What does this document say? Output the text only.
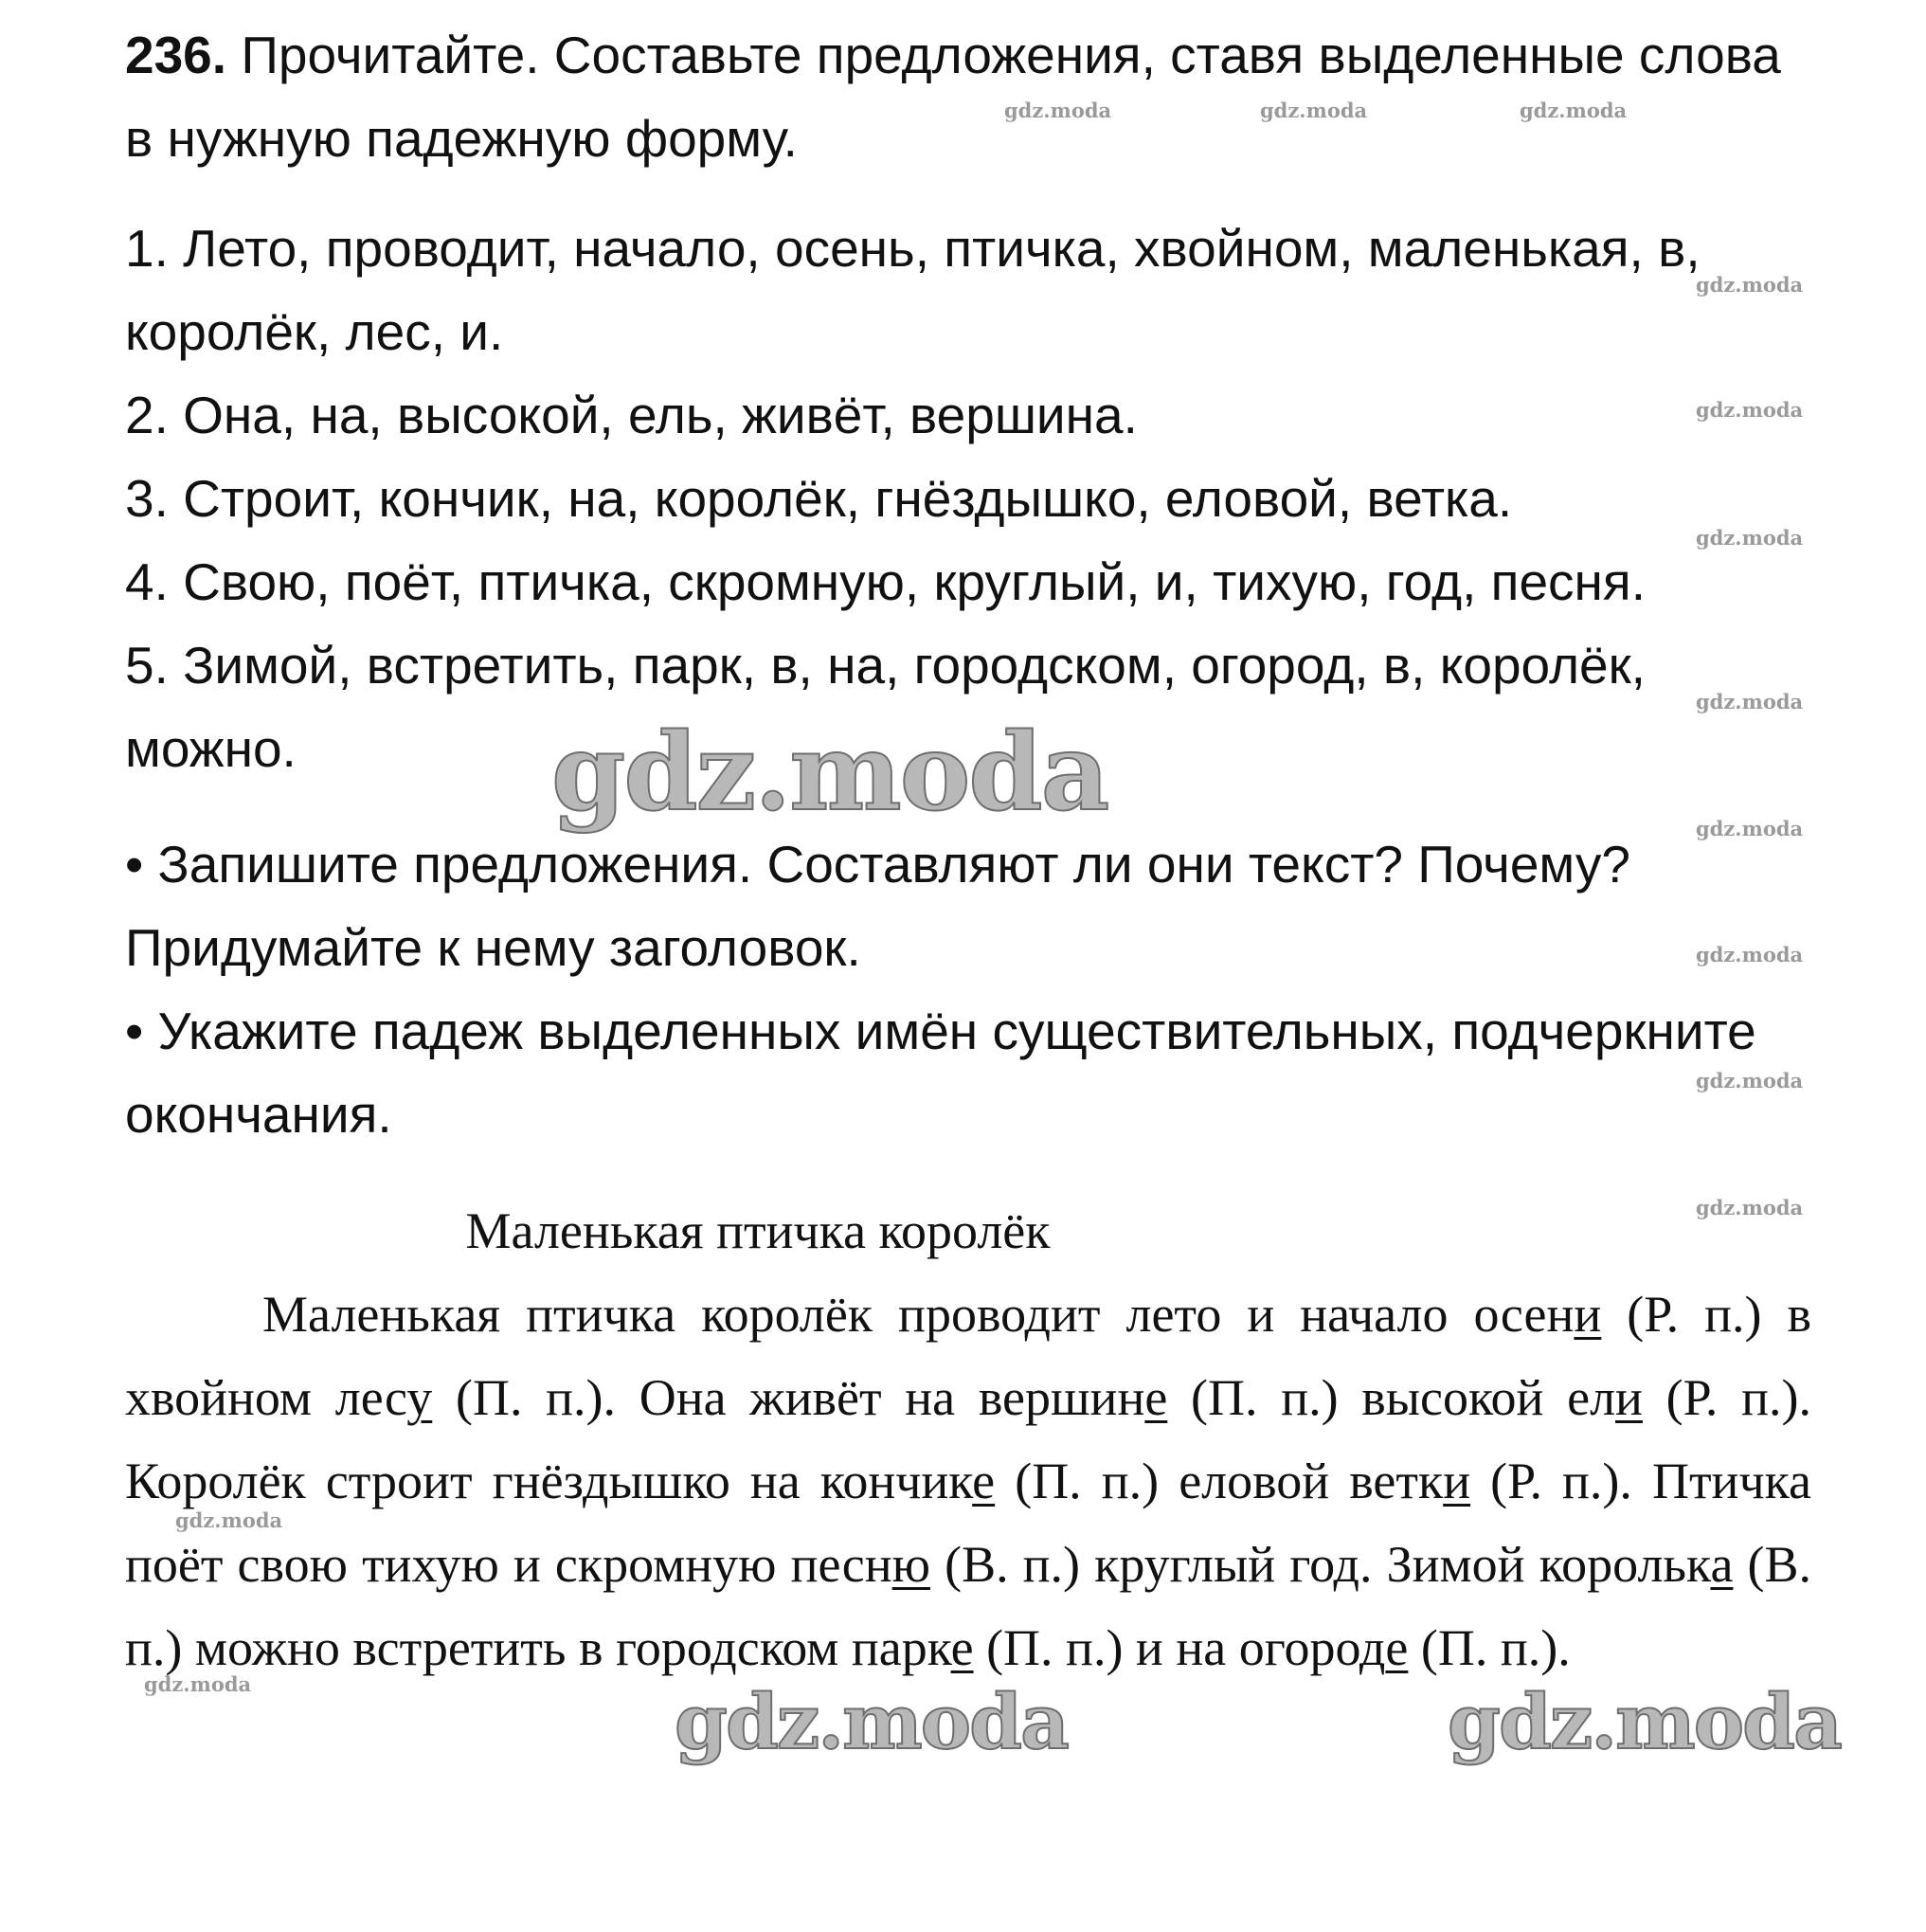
236. Прочитайте. Составьте предложения, ставя выделенные слова в нужную падежную форму.
1. Лето, проводит, начало, осень, птичка, хвойном, маленькая, в, королёк, лес, и.
2. Она, на, высокой, ель, живёт, вершина.
3. Строит, кончик, на, королёк, гнёздышко, еловой, ветка.
4. Свою, поёт, птичка, скромную, круглый, и, тихую, год, песня.
5. Зимой, встретить, парк, в, на, городском, огород, в, королёк, можно.

• Запишите предложения. Составляют ли они текст? Почему? Придумайте к нему заголовок.

• Укажите падеж выделенных имён существительных, подчеркните окончания.

Маленькая птичка королёк

Маленькая птичка королёк проводит лето и начало осени (Р. п.) в хвойном лесу (П. п.). Она живёт на вершине (П. п.) высокой ели (Р. п.). Королёк строит гнёздышко на кончике (П. п.) еловой ветки (Р. п.). Птичка поёт свою тихую и скромную песню (В. п.) круглый год. Зимой королька (В. п.) можно встретить в городском парке (П. п.) и на огороде (П. п.).

gdz.moda	gdz.moda	gdz.moda
gdz.moda
gdz.moda
gdz.moda
gdz.moda
gdz.moda
gdz.moda
gdz.moda
gdz.moda
gdz.moda
gdz.moda
gdz.moda
gdz.moda	gdz.moda
